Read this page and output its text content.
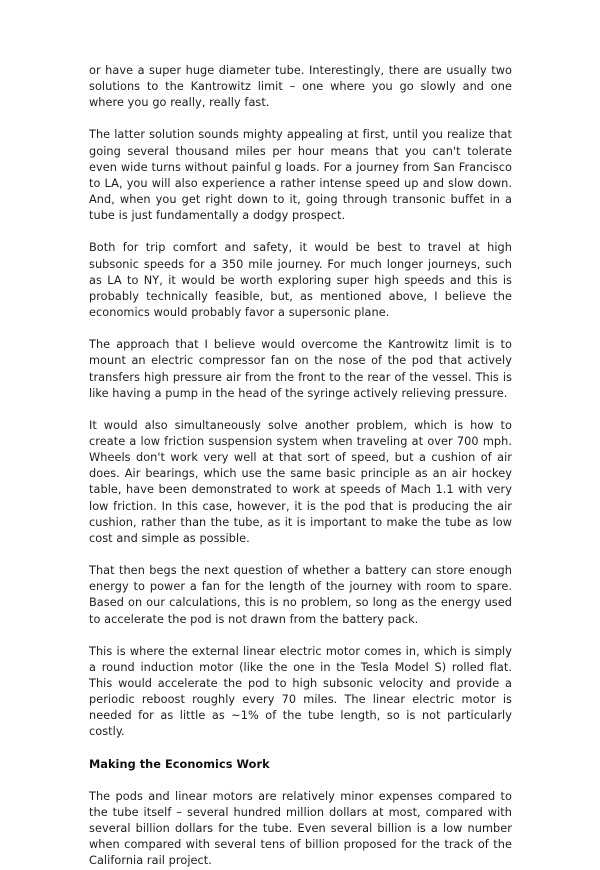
or have a super huge diameter tube. Interestingly, there are usually two solutions to the Kantrowitz limit – one where you go slowly and one where you go really, really fast.

The latter solution sounds mighty appealing at first, until you realize that going several thousand miles per hour means that you can't tolerate even wide turns without painful g loads. For a journey from San Francisco to LA, you will also experience a rather intense speed up and slow down. And, when you get right down to it, going through transonic buffet in a tube is just fundamentally a dodgy prospect.

Both for trip comfort and safety, it would be best to travel at high subsonic speeds for a 350 mile journey. For much longer journeys, such as LA to NY, it would be worth exploring super high speeds and this is probably technically feasible, but, as mentioned above, I believe the economics would probably favor a supersonic plane.

The approach that I believe would overcome the Kantrowitz limit is to mount an electric compressor fan on the nose of the pod that actively transfers high pressure air from the front to the rear of the vessel. This is like having a pump in the head of the syringe actively relieving pressure.

It would also simultaneously solve another problem, which is how to create a low friction suspension system when traveling at over 700 mph. Wheels don't work very well at that sort of speed, but a cushion of air does. Air bearings, which use the same basic principle as an air hockey table, have been demonstrated to work at speeds of Mach 1.1 with very low friction. In this case, however, it is the pod that is producing the air cushion, rather than the tube, as it is important to make the tube as low cost and simple as possible.

That then begs the next question of whether a battery can store enough energy to power a fan for the length of the journey with room to spare. Based on our calculations, this is no problem, so long as the energy used to accelerate the pod is not drawn from the battery pack.

This is where the external linear electric motor comes in, which is simply a round induction motor (like the one in the Tesla Model S) rolled flat. This would accelerate the pod to high subsonic velocity and provide a periodic reboost roughly every 70 miles. The linear electric motor is needed for as little as ~1% of the tube length, so is not particularly costly.

Making the Economics Work

The pods and linear motors are relatively minor expenses compared to the tube itself – several hundred million dollars at most, compared with several billion dollars for the tube. Even several billion is a low number when compared with several tens of billion proposed for the track of the California rail project.
